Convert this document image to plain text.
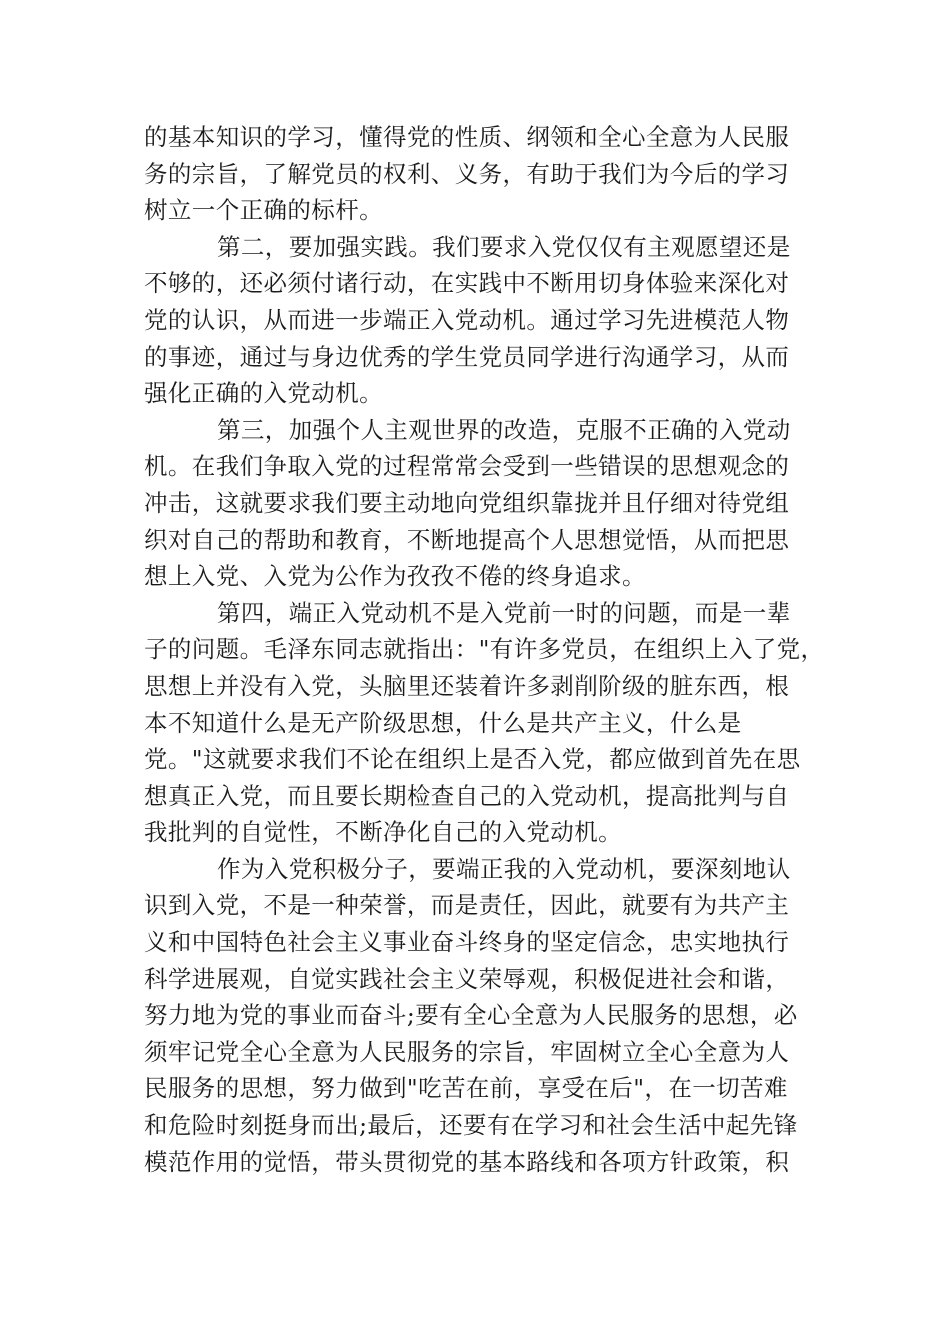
的基本知识的学习，懂得党的性质、纲领和全心全意为人民服
务的宗旨，了解党员的权利、义务，有助于我们为今后的学习
树立一个正确的标杆。
第二，要加强实践。我们要求入党仅仅有主观愿望还是
不够的，还必须付诸行动，在实践中不断用切身体验来深化对
党的认识，从而进一步端正入党动机。通过学习先进模范人物
的事迹，通过与身边优秀的学生党员同学进行沟通学习，从而
强化正确的入党动机。
第三，加强个人主观世界的改造，克服不正确的入党动
机。在我们争取入党的过程常常会受到一些错误的思想观念的
冲击，这就要求我们要主动地向党组织靠拢并且仔细对待党组
织对自己的帮助和教育，不断地提高个人思想觉悟，从而把思
想上入党、入党为公作为孜孜不倦的终身追求。
第四，端正入党动机不是入党前一时的问题，而是一辈
子的问题。毛泽东同志就指出："有许多党员，在组织上入了党，
思想上并没有入党，头脑里还装着许多剥削阶级的脏东西，根
本不知道什么是无产阶级思想，什么是共产主义，什么是
党。"这就要求我们不论在组织上是否入党，都应做到首先在思
想真正入党，而且要长期检查自己的入党动机，提高批判与自
我批判的自觉性，不断净化自己的入党动机。
作为入党积极分子，要端正我的入党动机，要深刻地认
识到入党，不是一种荣誉，而是责任，因此，就要有为共产主
义和中国特色社会主义事业奋斗终身的坚定信念，忠实地执行
科学进展观，自觉实践社会主义荣辱观，积极促进社会和谐，
努力地为党的事业而奋斗;要有全心全意为人民服务的思想，必
须牢记党全心全意为人民服务的宗旨，牢固树立全心全意为人
民服务的思想，努力做到"吃苦在前，享受在后"，在一切苦难
和危险时刻挺身而出;最后，还要有在学习和社会生活中起先锋
模范作用的觉悟，带头贯彻党的基本路线和各项方针政策，积
